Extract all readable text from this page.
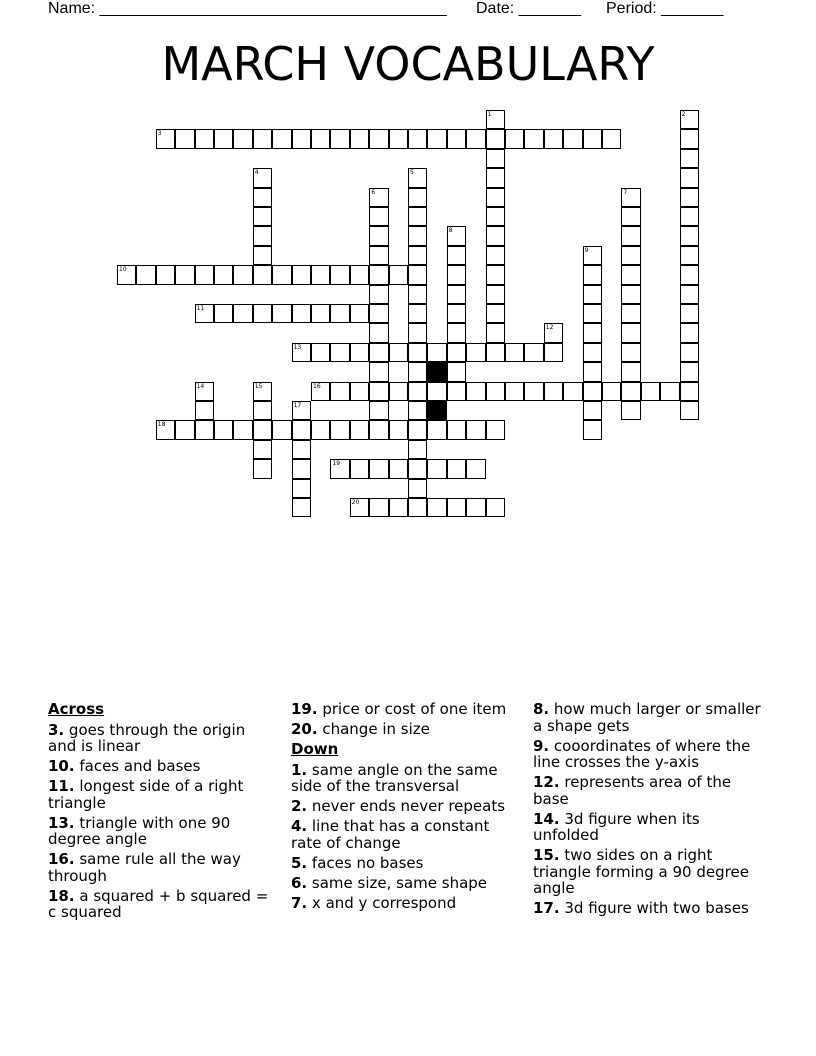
Name: _______________________________________ Date: _______ Period: _______
MARCH VOCABULARY
1	2
3
4	5
6	7
8
9
10
11
12
13
14	15	16
17
18
19
20
Across
3. goes through the origin and is linear
10. faces and bases
11. longest side of a right triangle
13. triangle with one 90 degree angle
16. same rule all the way through
18. a squared + b squared = c squared
19. price or cost of one item
20. change in size
Down
1. same angle on the same side of the transversal
2. never ends never repeats
4. line that has a constant rate of change
5. faces no bases
6. same size, same shape
7. x and y correspond
8. how much larger or smaller a shape gets
9. cooordinates of where the line crosses the y-axis
12. represents area of the base
14. 3d figure when its unfolded
15. two sides on a right triangle forming a 90 degree angle
17. 3d figure with two bases
